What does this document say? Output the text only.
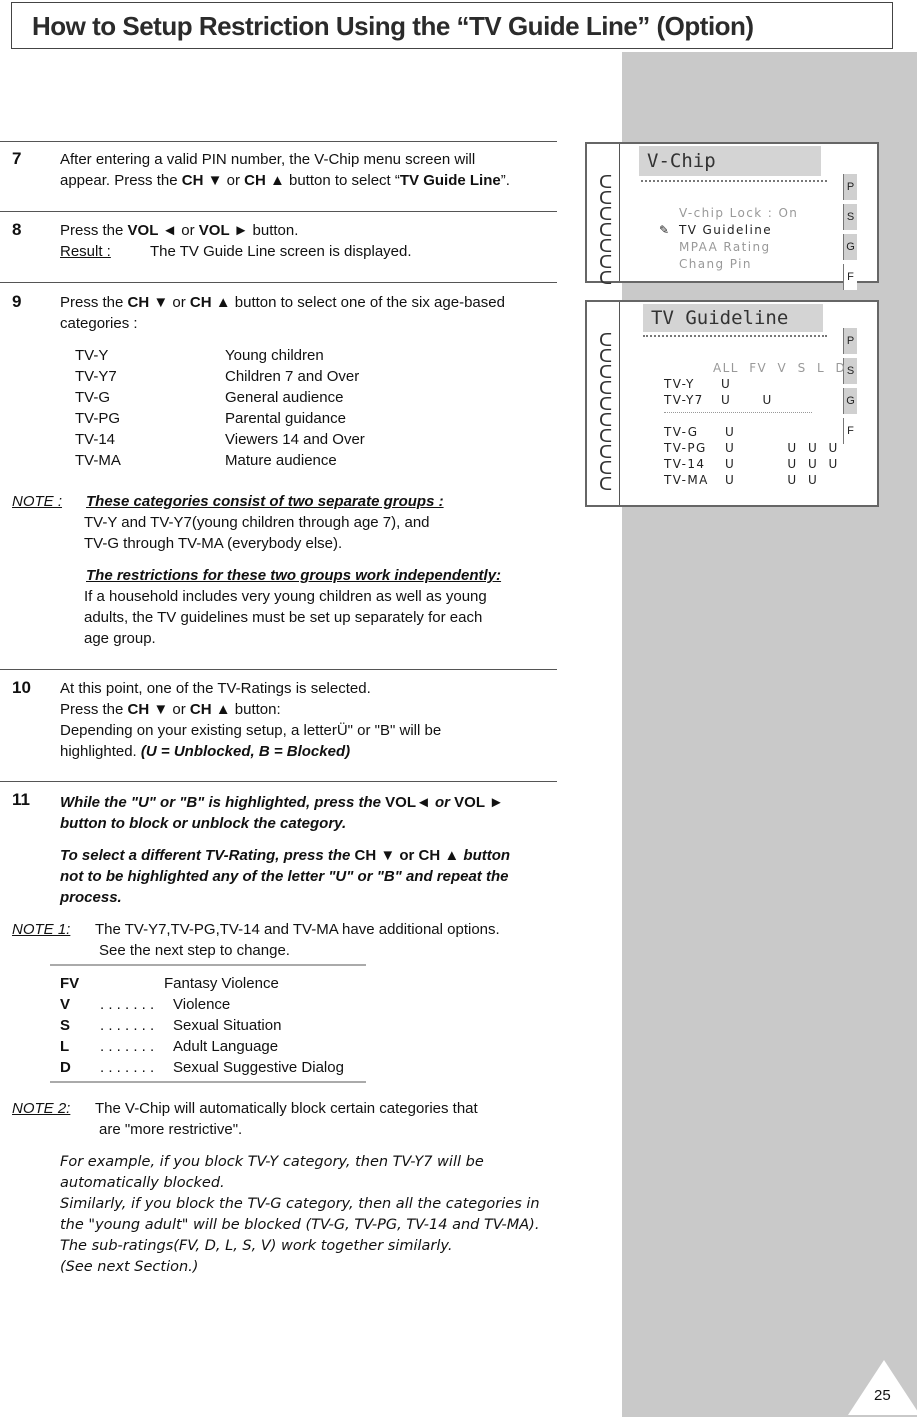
How to Setup Restriction Using the “TV Guide Line” (Option)
7	After entering a valid PIN number, the V-Chip menu screen will
appear. Press the CH ▼ or CH ▲ button to select “TV Guide Line”.
8	Press the VOL ◄ or VOL ► button.
Result :	The TV Guide Line screen is displayed.
9	Press the CH ▼ or CH ▲ button to select one of the six age-based
categories :
TV-Y	Young children
TV-Y7	Children 7 and Over
TV-G	General audience
TV-PG	Parental guidance
TV-14	Viewers 14 and Over
TV-MA	Mature audience
NOTE : These categories consist of two separate groups :
TV-Y and TV-Y7(young children through age 7), and
TV-G through TV-MA (everybody else).
The restrictions for these two groups work independently:
If a household includes very young children as well as young
adults, the TV guidelines must be set up separately for each
age group.
10 At this point, one of the TV-Ratings is selected.
Press the CH ▼ or CH ▲ button:
Depending on your existing setup, a letterÜ" or "B" will be
highlighted. (U = Unblocked, B = Blocked)
11 While the "U" or "B" is highlighted, press the VOL◄ or VOL ►
button to block or unblock the category.
To select a different TV-Rating, press the CH ▼ or CH ▲ button
not to be highlighted any of the letter "U" or "B" and repeat the
process.
NOTE 1: The TV-Y7,TV-PG,TV-14 and TV-MA have additional options.
See the next step to change.
FV	Fantasy Violence
V . . . . . . . Violence
S . . . . . . . Sexual Situation
L . . . . . . . Adult Language
D . . . . . . . Sexual Suggestive Dialog
NOTE 2: The V-Chip will automatically block certain categories that
are "more restrictive".
For example, if you block TV-Y category, then TV-Y7 will be
automatically blocked.
Similarly, if you block the TV-G category, then all the categories in
the "young adult" will be blocked (TV-G, TV-PG, TV-14 and TV-MA).
The sub-ratings(FV, D, L, S, V) work together similarly.
(See next Section.)
ᑕ
ᑕ
ᑕ
ᑕ
ᑕ
ᑕ
ᑕ
V-Chip
P
S
G
F
V-chip Lock : On
✎ TV Guideline
MPAA Rating
Chang Pin
ᑕ
ᑕ
ᑕ
ᑕ
ᑕ
ᑕ
ᑕ
ᑕ
ᑕ
ᑕ
TV Guideline
P
S
G
F
ALL  FV  V  S  L  D
TV-Y U
TV-Y7 U      U
TV-G U
TV-PG U          U  U  U
TV-14 U          U  U  U
TV-MA U          U  U
25
